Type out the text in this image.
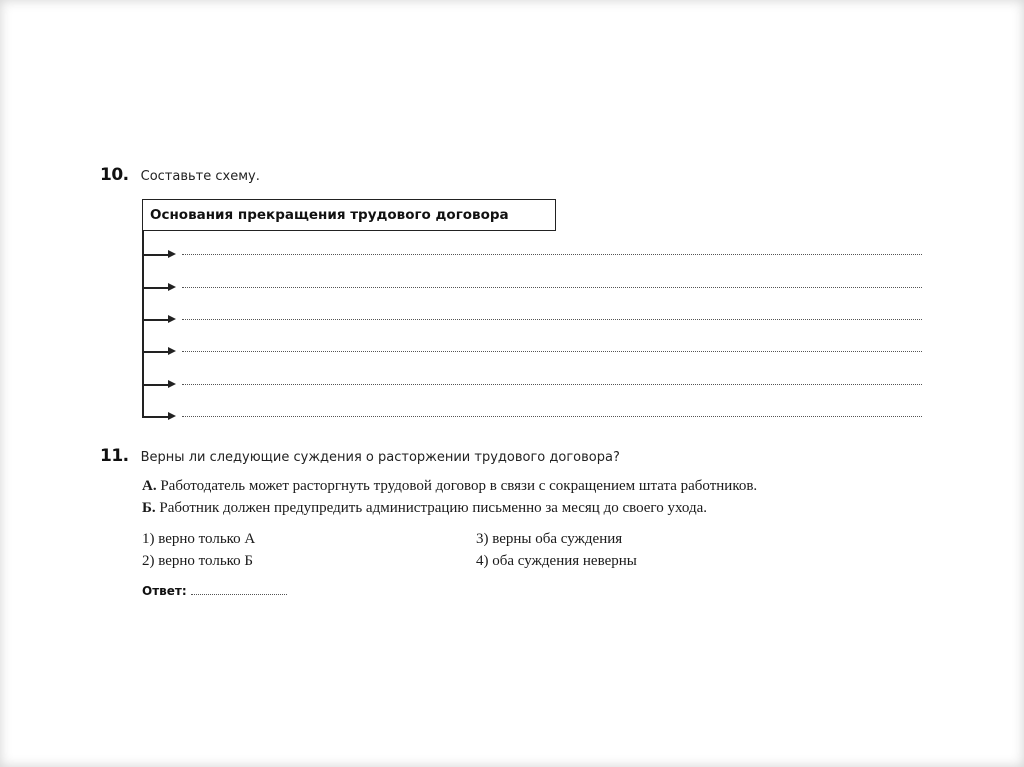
10. Составьте схему.
Основания прекращения трудового договора
11. Верны ли следующие суждения о расторжении трудового договора?
А. Работодатель может расторгнуть трудовой договор в связи с сокращением штата работников.
Б. Работник должен предупредить администрацию письменно за месяц до своего ухода.
1) верно только А
2) верно только Б
3) верны оба суждения
4) оба суждения неверны
Ответ:
